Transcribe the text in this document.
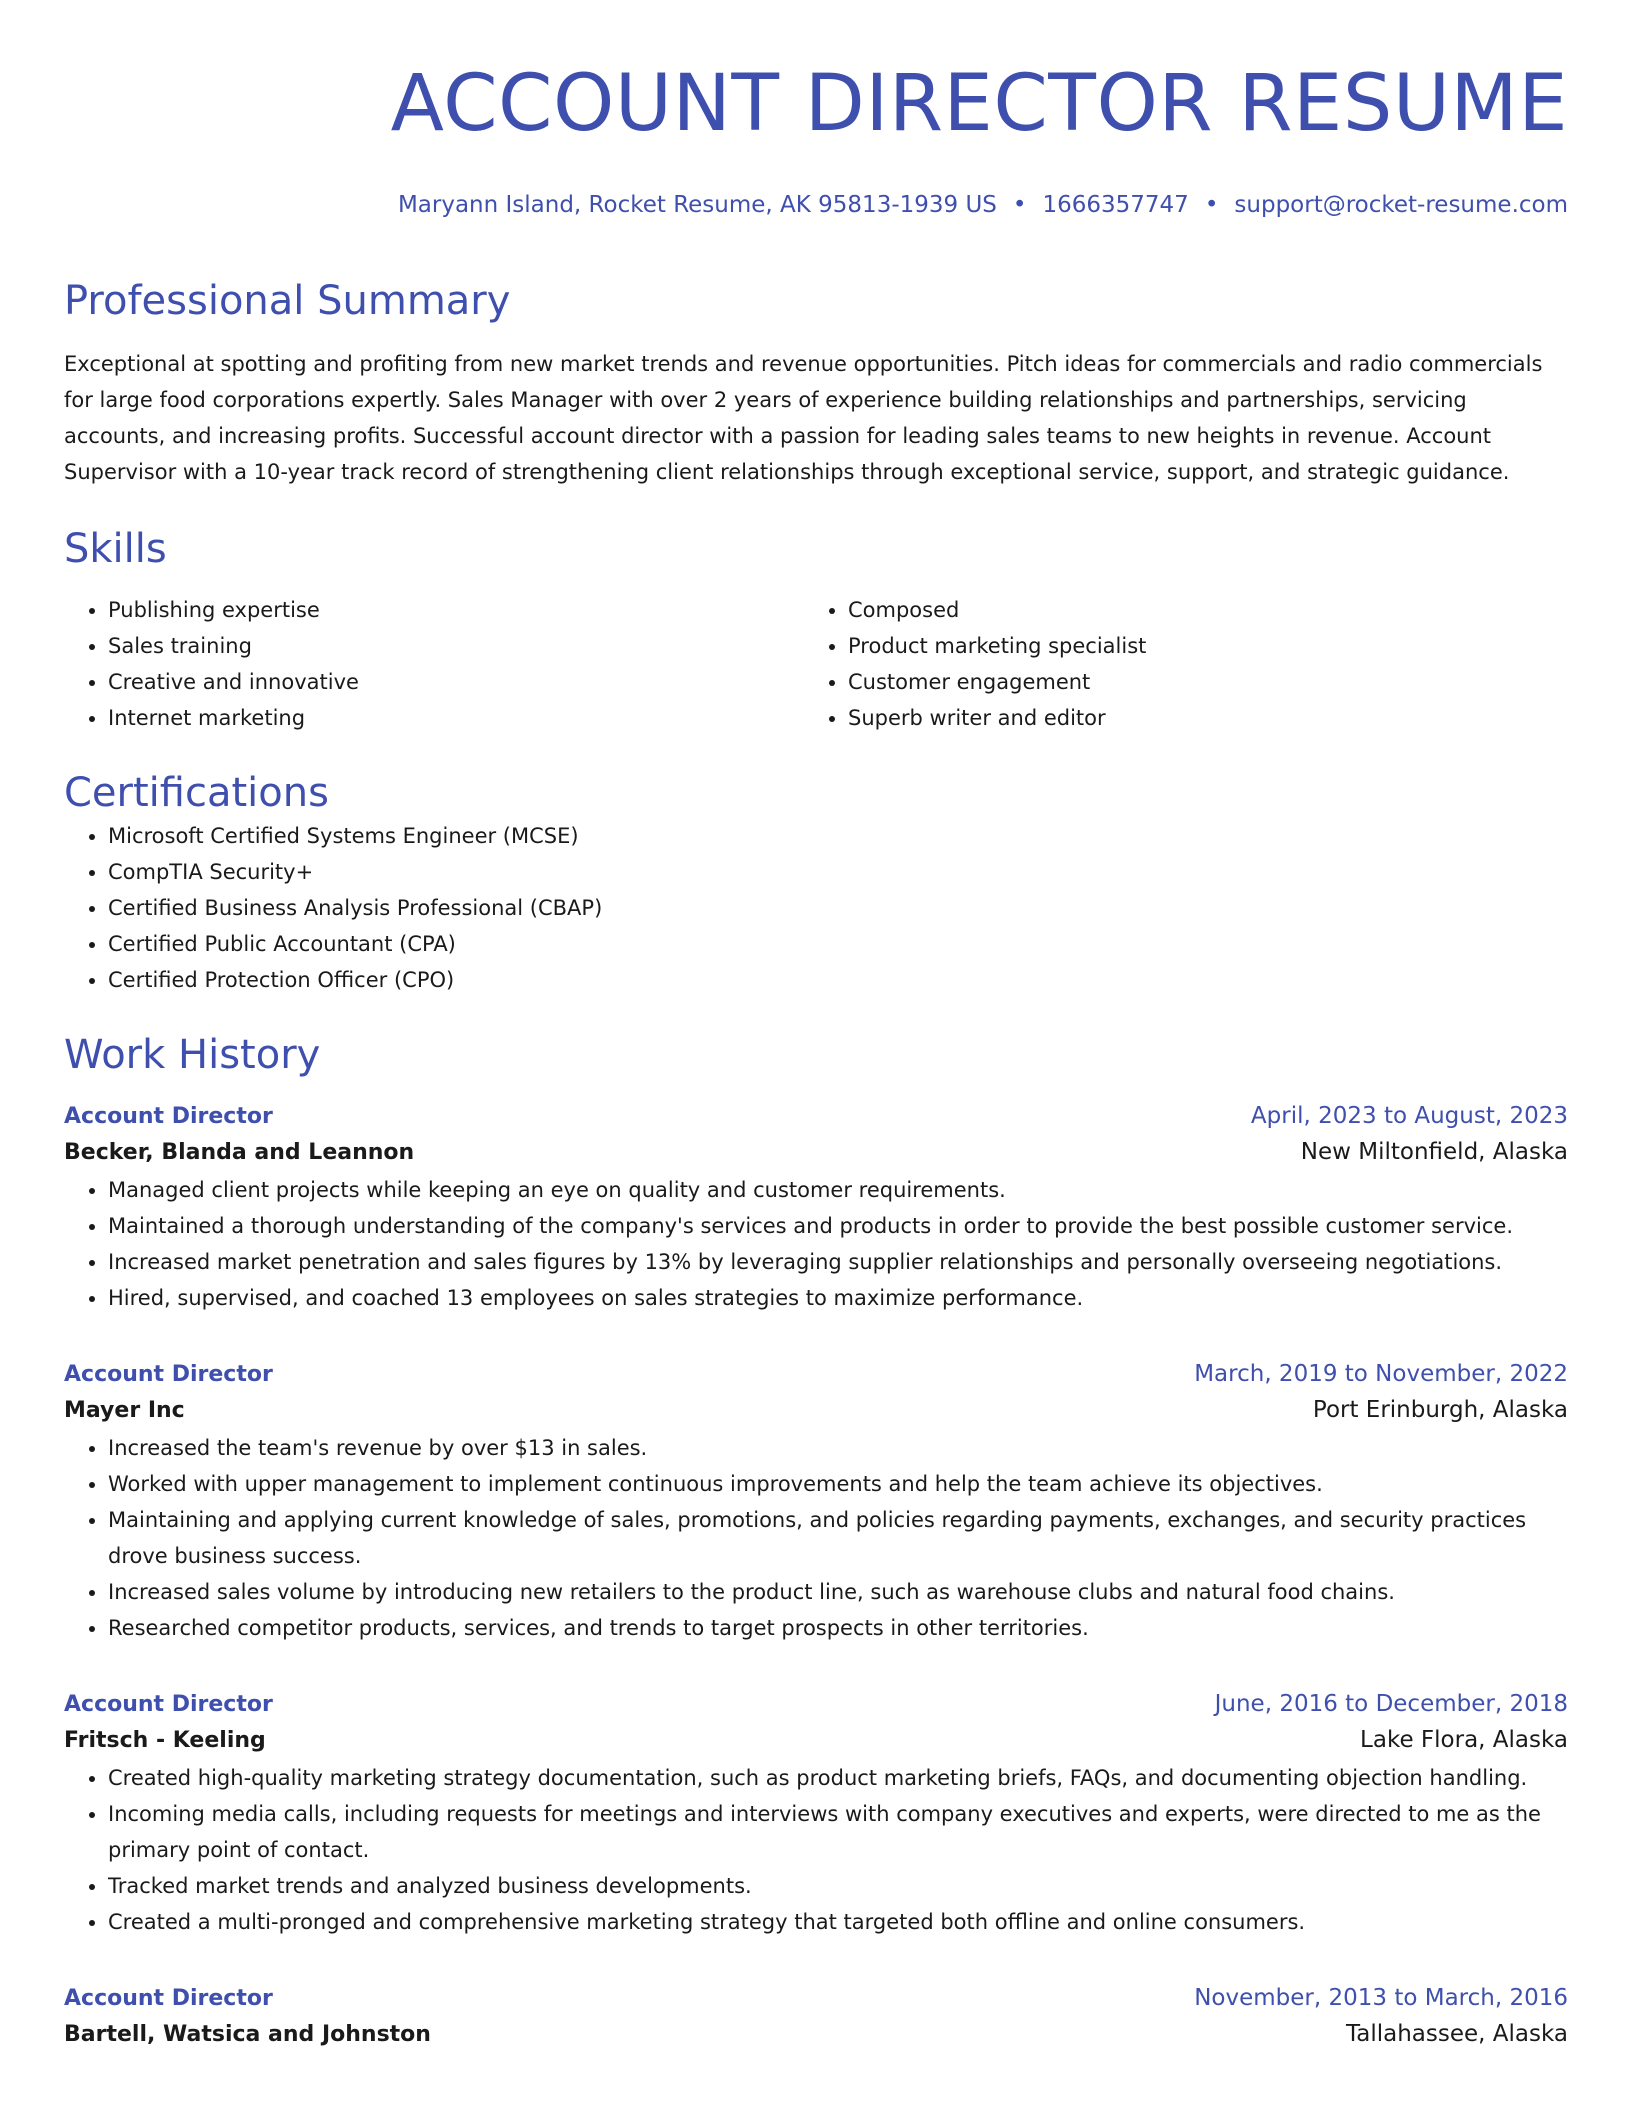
ACCOUNT DIRECTOR RESUME
Maryann Island, Rocket Resume, AK 95813-1939 US • 1666357747 • support@rocket-resume.com
Professional Summary

Exceptional at spotting and profiting from new market trends and revenue opportunities. Pitch ideas for commercials and radio commercials for large food corporations expertly. Sales Manager with over 2 years of experience building relationships and partnerships, servicing accounts, and increasing profits. Successful account director with a passion for leading sales teams to new heights in revenue. Account Supervisor with a 10-year track record of strengthening client relationships through exceptional service, support, and strategic guidance.

Skills
• Publishing expertise
• Sales training
• Creative and innovative
• Internet marketing
• Composed
• Product marketing specialist
• Customer engagement
• Superb writer and editor
Certifications
• Microsoft Certified Systems Engineer (MCSE)
• CompTIA Security+
• Certified Business Analysis Professional (CBAP)
• Certified Public Accountant (CPA)
• Certified Protection Officer (CPO)
Work History
Account Director	April, 2023 to August, 2023
Becker, Blanda and Leannon	New Miltonfield, Alaska
• Managed client projects while keeping an eye on quality and customer requirements.
• Maintained a thorough understanding of the company's services and products in order to provide the best possible customer service.
• Increased market penetration and sales figures by 13% by leveraging supplier relationships and personally overseeing negotiations.
• Hired, supervised, and coached 13 employees on sales strategies to maximize performance.
Account Director	March, 2019 to November, 2022
Mayer Inc	Port Erinburgh, Alaska
• Increased the team's revenue by over $13 in sales.
• Worked with upper management to implement continuous improvements and help the team achieve its objectives.
• Maintaining and applying current knowledge of sales, promotions, and policies regarding payments, exchanges, and security practices drove business success.
• Increased sales volume by introducing new retailers to the product line, such as warehouse clubs and natural food chains.
• Researched competitor products, services, and trends to target prospects in other territories.
Account Director	June, 2016 to December, 2018
Fritsch - Keeling	Lake Flora, Alaska
• Created high-quality marketing strategy documentation, such as product marketing briefs, FAQs, and documenting objection handling.
• Incoming media calls, including requests for meetings and interviews with company executives and experts, were directed to me as the primary point of contact.
• Tracked market trends and analyzed business developments.
• Created a multi-pronged and comprehensive marketing strategy that targeted both offline and online consumers.
Account Director	November, 2013 to March, 2016
Bartell, Watsica and Johnston	Tallahassee, Alaska
